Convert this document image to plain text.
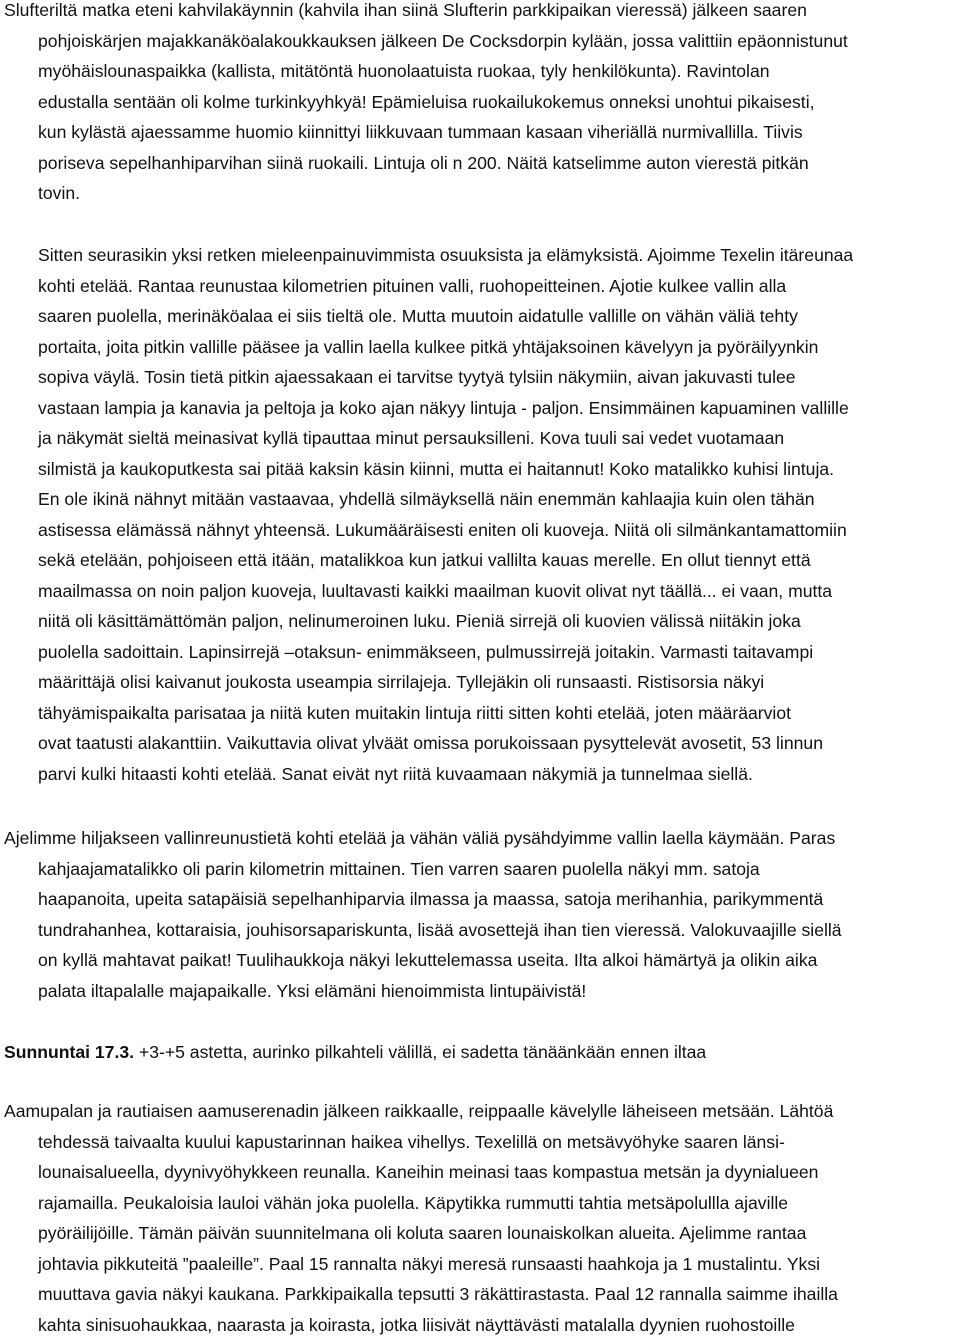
Slufteriltä matka eteni kahvilakäynnin (kahvila ihan siinä Slufterin parkkipaikan vieressä) jälkeen saaren
pohjoiskärjen majakkanäköalakoukkauksen jälkeen De Cocksdorpin kylään, jossa valittiin epäonnistunut
myöhäislounaspaikka (kallista, mitätöntä huonolaatuista ruokaa, tyly henkilökunta). Ravintolan
edustalla sentään oli kolme turkinkyyhkyä! Epämieluisa ruokailukokemus onneksi unohtui pikaisesti,
kun kylästä ajaessamme huomio kiinnittyi liikkuvaan tummaan kasaan viheriällä nurmivallilla. Tiivis
poriseva sepelhanhiparvihan siinä ruokaili. Lintuja oli n 200. Näitä katselimme auton vierestä pitkän
tovin.
Sitten seurasikin yksi retken mieleenpainuvimmista osuuksista ja elämyksistä. Ajoimme Texelin itäreunaa
kohti etelää. Rantaa reunustaa kilometrien pituinen valli, ruohopeitteinen. Ajotie kulkee vallin alla
saaren puolella, merinäköalaa ei siis tieltä ole. Mutta muutoin aidatulle vallille on vähän väliä tehty
portaita, joita pitkin vallille pääsee ja vallin laella kulkee pitkä yhtäjaksoinen kävelyyn ja pyöräilyynkin
sopiva väylä. Tosin tietä pitkin ajaessakaan ei tarvitse tyytyä tylsiin näkymiin, aivan jakuvasti tulee
vastaan lampia ja kanavia ja peltoja ja koko ajan näkyy lintuja - paljon. Ensimmäinen kapuaminen vallille
ja näkymät sieltä meinasivat kyllä tipauttaa minut persauksilleni. Kova tuuli sai vedet vuotamaan
silmistä ja kaukoputkesta sai pitää kaksin käsin kiinni, mutta ei haitannut! Koko matalikko kuhisi lintuja.
En ole ikinä nähnyt mitään vastaavaa, yhdellä silmäyksellä näin enemmän kahlaajia kuin olen tähän
astisessa elämässä nähnyt yhteensä. Lukumääräisesti eniten oli kuoveja. Niitä oli silmänkantamattomiin
sekä etelään, pohjoiseen että itään, matalikkoa kun jatkui vallilta kauas merelle. En ollut tiennyt että
maailmassa on noin paljon kuoveja, luultavasti kaikki maailman kuovit olivat nyt täällä... ei vaan, mutta
niitä oli käsittämättömän paljon, nelinumeroinen luku. Pieniä sirrejä oli kuovien välissä niitäkin joka
puolella sadoittain. Lapinsirrejä –otaksun- enimmäkseen, pulmussirrejä joitakin. Varmasti taitavampi
määrittäjä olisi kaivanut joukosta useampia sirrilajeja. Tyllejäkin oli runsaasti. Ristisorsia näkyi
tähyämispaikalta parisataa ja niitä kuten muitakin lintuja riitti sitten kohti etelää, joten määräarviot
ovat taatusti alakanttiin. Vaikuttavia olivat ylväät omissa porukoissaan pysyttelevät avosetit, 53 linnun
parvi kulki hitaasti kohti etelää. Sanat eivät nyt riitä kuvaamaan näkymiä ja tunnelmaa siellä.
Ajelimme hiljakseen vallinreunustietä kohti etelää ja vähän väliä pysähdyimme vallin laella käymään. Paras
kahjaajamatalikko oli parin kilometrin mittainen. Tien varren saaren puolella näkyi mm. satoja
haapanoita, upeita satapäisiä sepelhanhiparvia ilmassa ja maassa, satoja merihanhia, parikymmentä
tundrahanhea, kottaraisia, jouhisorsapariskunta, lisää avosettejä ihan tien vieressä. Valokuvaajille siellä
on kyllä mahtavat paikat! Tuulihaukkoja näkyi lekuttelemassa useita. Ilta alkoi hämärtyä ja olikin aika
palata iltapalalle majapaikalle. Yksi elämäni hienoimmista lintupäivistä!
Sunnuntai 17.3. +3-+5 astetta, aurinko pilkahteli välillä, ei sadetta tänäänkään ennen iltaa
Aamupalan ja rautiaisen aamuserenadin jälkeen raikkaalle, reippaalle kävelylle läheiseen metsään. Lähtöä
tehdessä taivaalta kuului kapustarinnan haikea vihellys. Texelillä on metsävyöhyke saaren länsi-
lounaisalueella, dyynivyöhykkeen reunalla. Kaneihin meinasi taas kompastua metsän ja dyynialueen
rajamailla. Peukaloisia lauloi vähän joka puolella. Käpytikka rummutti tahtia metsäpolullla ajaville
pyöräilijöille. Tämän päivän suunnitelmana oli koluta saaren lounaiskolkan alueita. Ajelimme rantaa
johtavia pikkuteitä ”paaleille”. Paal 15 rannalta näkyi meresä runsaasti haahkoja ja 1 mustalintu. Yksi
muuttava gavia näkyi kaukana. Parkkipaikalla tepsutti 3 räkättirastasta. Paal 12 rannalla saimme ihailla
kahta sinisuohaukkaa, naarasta ja koirasta, jotka liisivät näyttävästi matalalla dyynien ruohostoille
